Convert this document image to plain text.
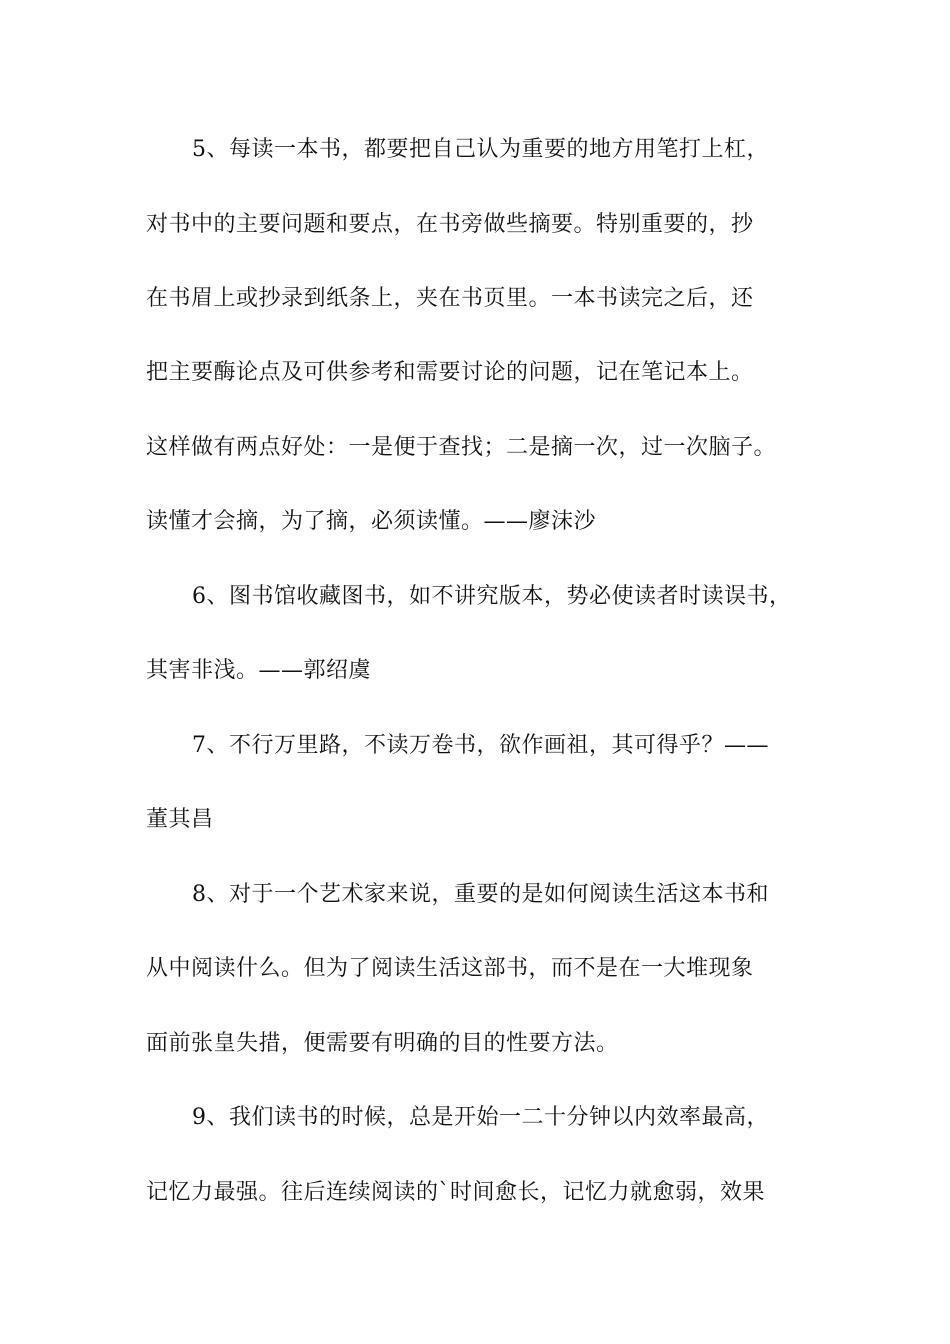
5、每读一本书，都要把自己认为重要的地方用笔打上杠，
对书中的主要问题和要点，在书旁做些摘要。特别重要的，抄
在书眉上或抄录到纸条上，夹在书页里。一本书读完之后，还
把主要酶论点及可供参考和需要讨论的问题，记在笔记本上。
这样做有两点好处：一是便于查找；二是摘一次，过一次脑子。
读懂才会摘，为了摘，必须读懂。——廖沫沙
6、图书馆收藏图书，如不讲究版本，势必使读者时读误书，
其害非浅。——郭绍虞
7、不行万里路，不读万卷书，欲作画祖，其可得乎？——
董其昌
8、对于一个艺术家来说，重要的是如何阅读生活这本书和
从中阅读什么。但为了阅读生活这部书，而不是在一大堆现象
面前张皇失措，便需要有明确的目的性要方法。
9、我们读书的时候，总是开始一二十分钟以内效率最高，
记忆力最强。往后连续阅读的`时间愈长，记忆力就愈弱，效果
